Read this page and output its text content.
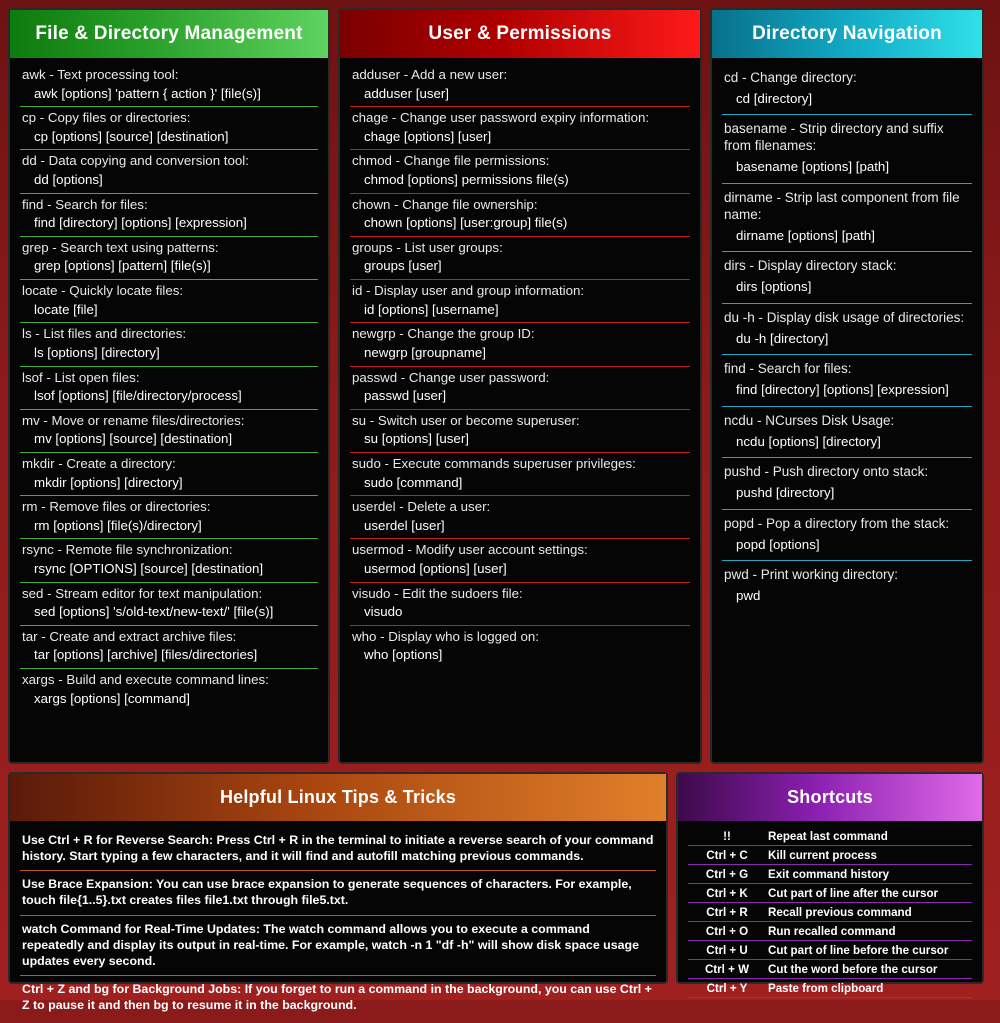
File & Directory Management
awk - Text processing tool:
awk [options] 'pattern { action }' [file(s)]
cp - Copy files or directories:
cp [options] [source] [destination]
dd - Data copying and conversion tool:
dd [options]
find - Search for files:
find [directory] [options] [expression]
grep - Search text using patterns:
grep [options] [pattern] [file(s)]
locate - Quickly locate files:
locate [file]
ls - List files and directories:
ls [options] [directory]
lsof - List open files:
lsof [options] [file/directory/process]
mv - Move or rename files/directories:
mv [options] [source] [destination]
mkdir - Create a directory:
mkdir [options] [directory]
rm - Remove files or directories:
rm [options] [file(s)/directory]
rsync - Remote file synchronization:
rsync [OPTIONS] [source] [destination]
sed - Stream editor for text manipulation:
sed [options] 's/old-text/new-text/' [file(s)]
tar - Create and extract archive files:
tar [options] [archive] [files/directories]
xargs - Build and execute command lines:
xargs [options] [command]
User & Permissions
adduser - Add a new user:
adduser [user]
chage - Change user password expiry information:
chage [options] [user]
chmod - Change file permissions:
chmod [options] permissions file(s)
chown - Change file ownership:
chown [options] [user:group] file(s)
groups - List user groups:
groups [user]
id - Display user and group information:
id [options] [username]
newgrp - Change the group ID:
newgrp [groupname]
passwd - Change user password:
passwd [user]
su - Switch user or become superuser:
su [options] [user]
sudo - Execute commands superuser privileges:
sudo [command]
userdel - Delete a user:
userdel [user]
usermod - Modify user account settings:
usermod [options] [user]
visudo - Edit the sudoers file:
visudo
who - Display who is logged on:
who [options]
Directory Navigation
cd - Change directory:
cd [directory]
basename - Strip directory and suffix from filenames:
basename [options] [path]
dirname - Strip last component from file name:
dirname [options] [path]
dirs - Display directory stack:
dirs [options]
du -h - Display disk usage of directories:
du -h [directory]
find - Search for files:
find [directory] [options] [expression]
ncdu - NCurses Disk Usage:
ncdu [options] [directory]
pushd - Push directory onto stack:
pushd [directory]
popd - Pop a directory from the stack:
popd [options]
pwd - Print working directory:
pwd
Helpful Linux Tips & Tricks
Use Ctrl + R for Reverse Search: Press Ctrl + R in the terminal to initiate a reverse search of your command history. Start typing a few characters, and it will find and autofill matching previous commands.
Use Brace Expansion: You can use brace expansion to generate sequences of characters. For example, touch file{1..5}.txt creates files file1.txt through file5.txt.
watch Command for Real-Time Updates: The watch command allows you to execute a command repeatedly and display its output in real-time. For example, watch -n 1 "df -h" will show disk space usage updates every second.
Ctrl + Z and bg for Background Jobs: If you forget to run a command in the background, you can use Ctrl + Z to pause it and then bg to resume it in the background.
Shortcuts
!!	Repeat last command
Ctrl + C	Kill current process
Ctrl + G	Exit command history
Ctrl + K	Cut part of line after the cursor
Ctrl + R	Recall previous command
Ctrl + O	Run recalled command
Ctrl + U	Cut part of line before the cursor
Ctrl + W	Cut the word before the cursor
Ctrl + Y	Paste from clipboard
